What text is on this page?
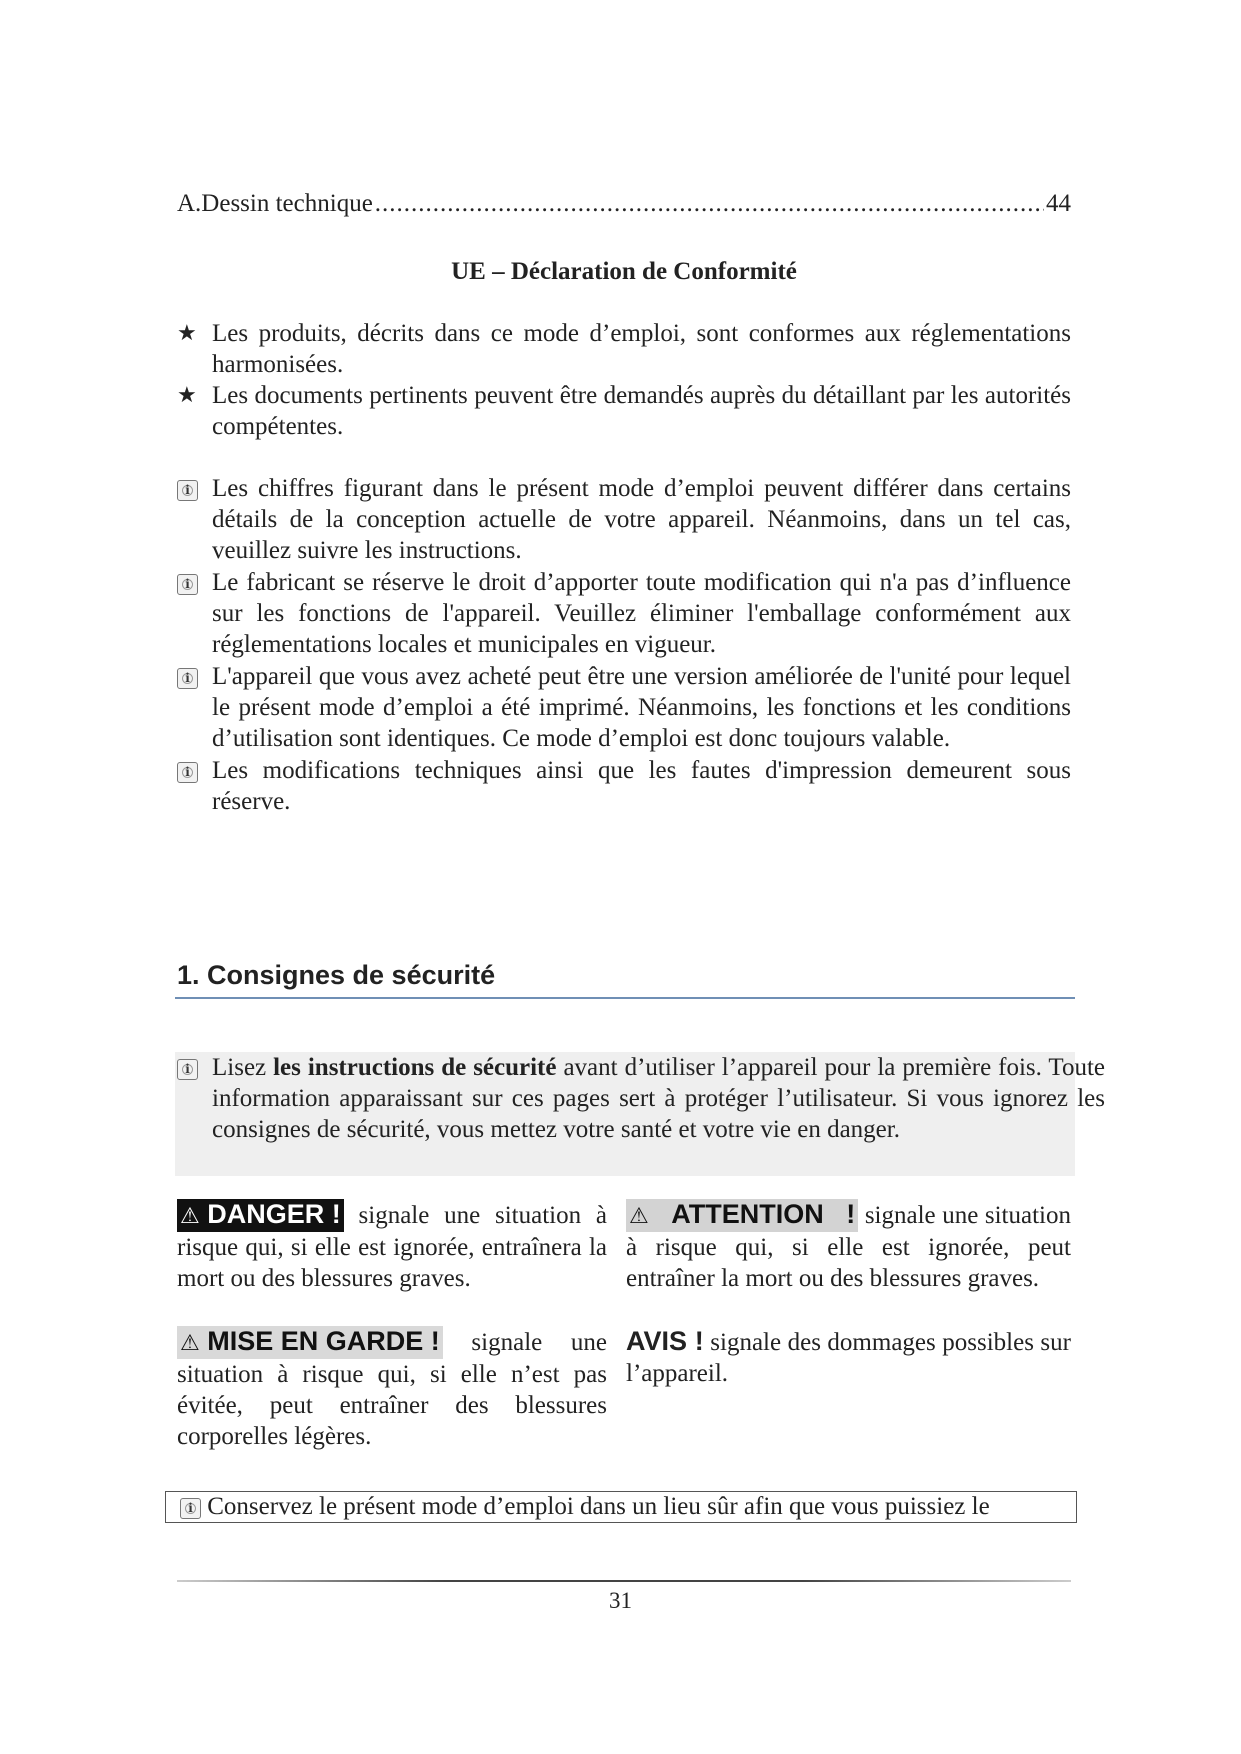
A.Dessin technique
.....	44
UE – Déclaration de Conformité
★ Les produits, décrits dans ce mode d’emploi, sont conformes aux réglementations harmonisées.
★ Les documents pertinents peuvent être demandés auprès du détaillant par les autorités compétentes.
i Les chiffres figurant dans le présent mode d’emploi peuvent différer dans certains détails de la conception actuelle de votre appareil. Néanmoins, dans un tel cas, veuillez suivre les instructions.
i Le fabricant se réserve le droit d’apporter toute modification qui n'a pas d’influence sur les fonctions de l'appareil. Veuillez éliminer l'emballage conformément aux réglementations locales et municipales en vigueur.
i L'appareil que vous avez acheté peut être une version améliorée de l'unité pour lequel le présent mode d’emploi a été imprimé. Néanmoins, les fonctions et les conditions d’utilisation sont identiques. Ce mode d’emploi est donc toujours valable.
i Les modifications techniques ainsi que les fautes d'impression demeurent sous réserve.
1. Consignes de sécurité
i Lisez les instructions de sécurité avant d’utiliser l’appareil pour la première fois. Toute information apparaissant sur ces pages sert à protéger l’utilisateur. Si vous ignorez les consignes de sécurité, vous mettez votre santé et votre vie en danger.
⚠ DANGER ! signale une situation à risque qui, si elle est ignorée, entraînera la mort ou des blessures graves.
⚠ ATTENTION   ! signale une situation à risque qui, si elle est ignorée, peut entraîner la mort ou des blessures graves.
⚠ MISE EN GARDE ! signale une situation à risque qui, si elle n’est pas évitée, peut entraîner des blessures corporelles légères.
AVIS ! signale des dommages possibles sur l’appareil.
i Conservez le présent mode d’emploi dans un lieu sûr afin que vous puissiez le
31
